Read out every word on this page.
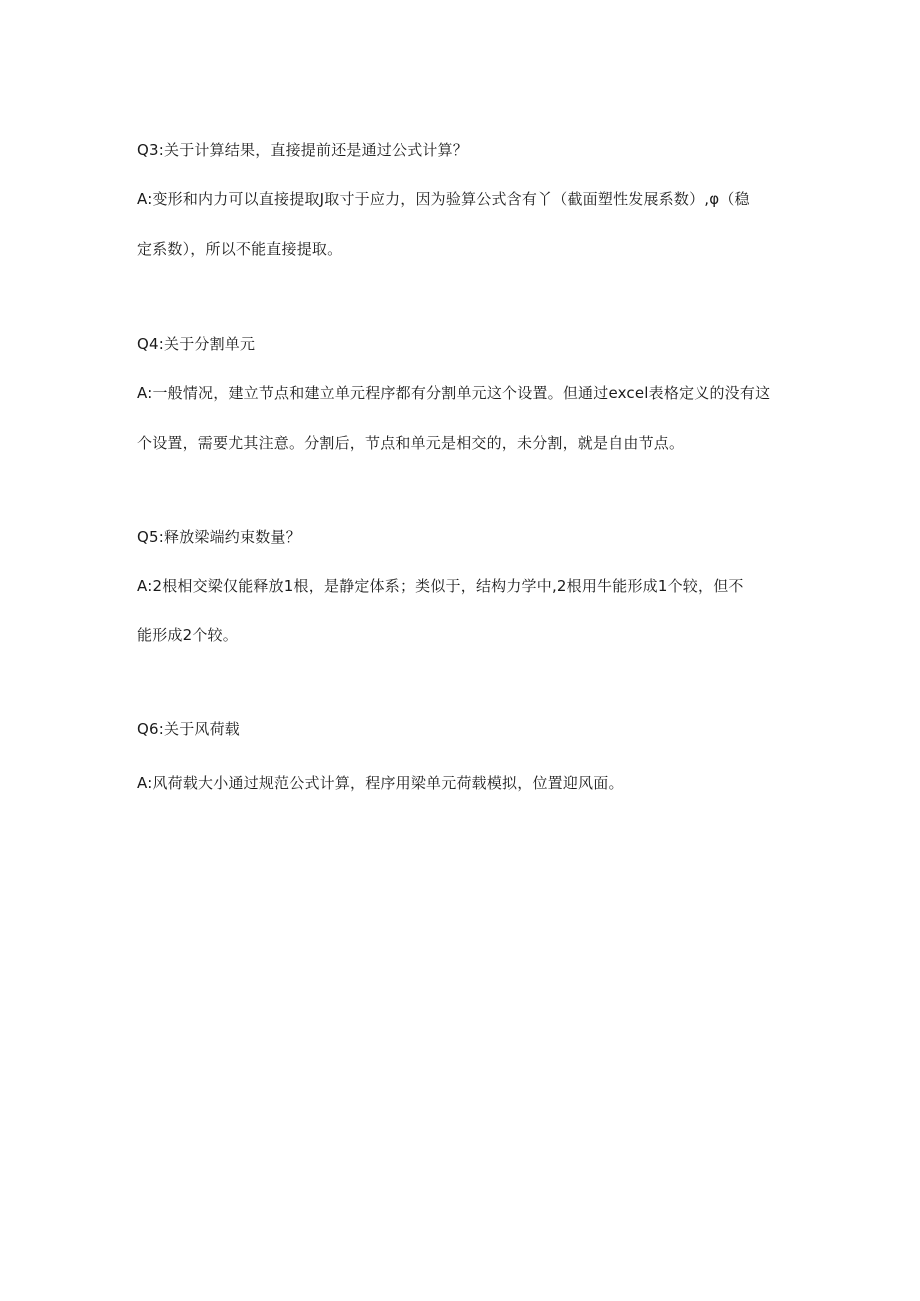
Q3:关于计算结果，直接提前还是通过公式计算？

A:变形和内力可以直接提取J取寸于应力，因为验算公式含有丫（截面塑性发展系数）,φ（稳

定系数），所以不能直接提取。

Q4:关于分割单元

A:一般情况，建立节点和建立单元程序都有分割单元这个设置。但通过excel表格定义的没有这

个设置，需要尤其注意。分割后，节点和单元是相交的，未分割，就是自由节点。

Q5:释放梁端约束数量？

A:2根相交梁仅能释放1根，是静定体系；类似于，结构力学中,2根用牛能形成1个较，但不

能形成2个较。

Q6:关于风荷载

A:风荷载大小通过规范公式计算，程序用梁单元荷载模拟，位置迎风面。
